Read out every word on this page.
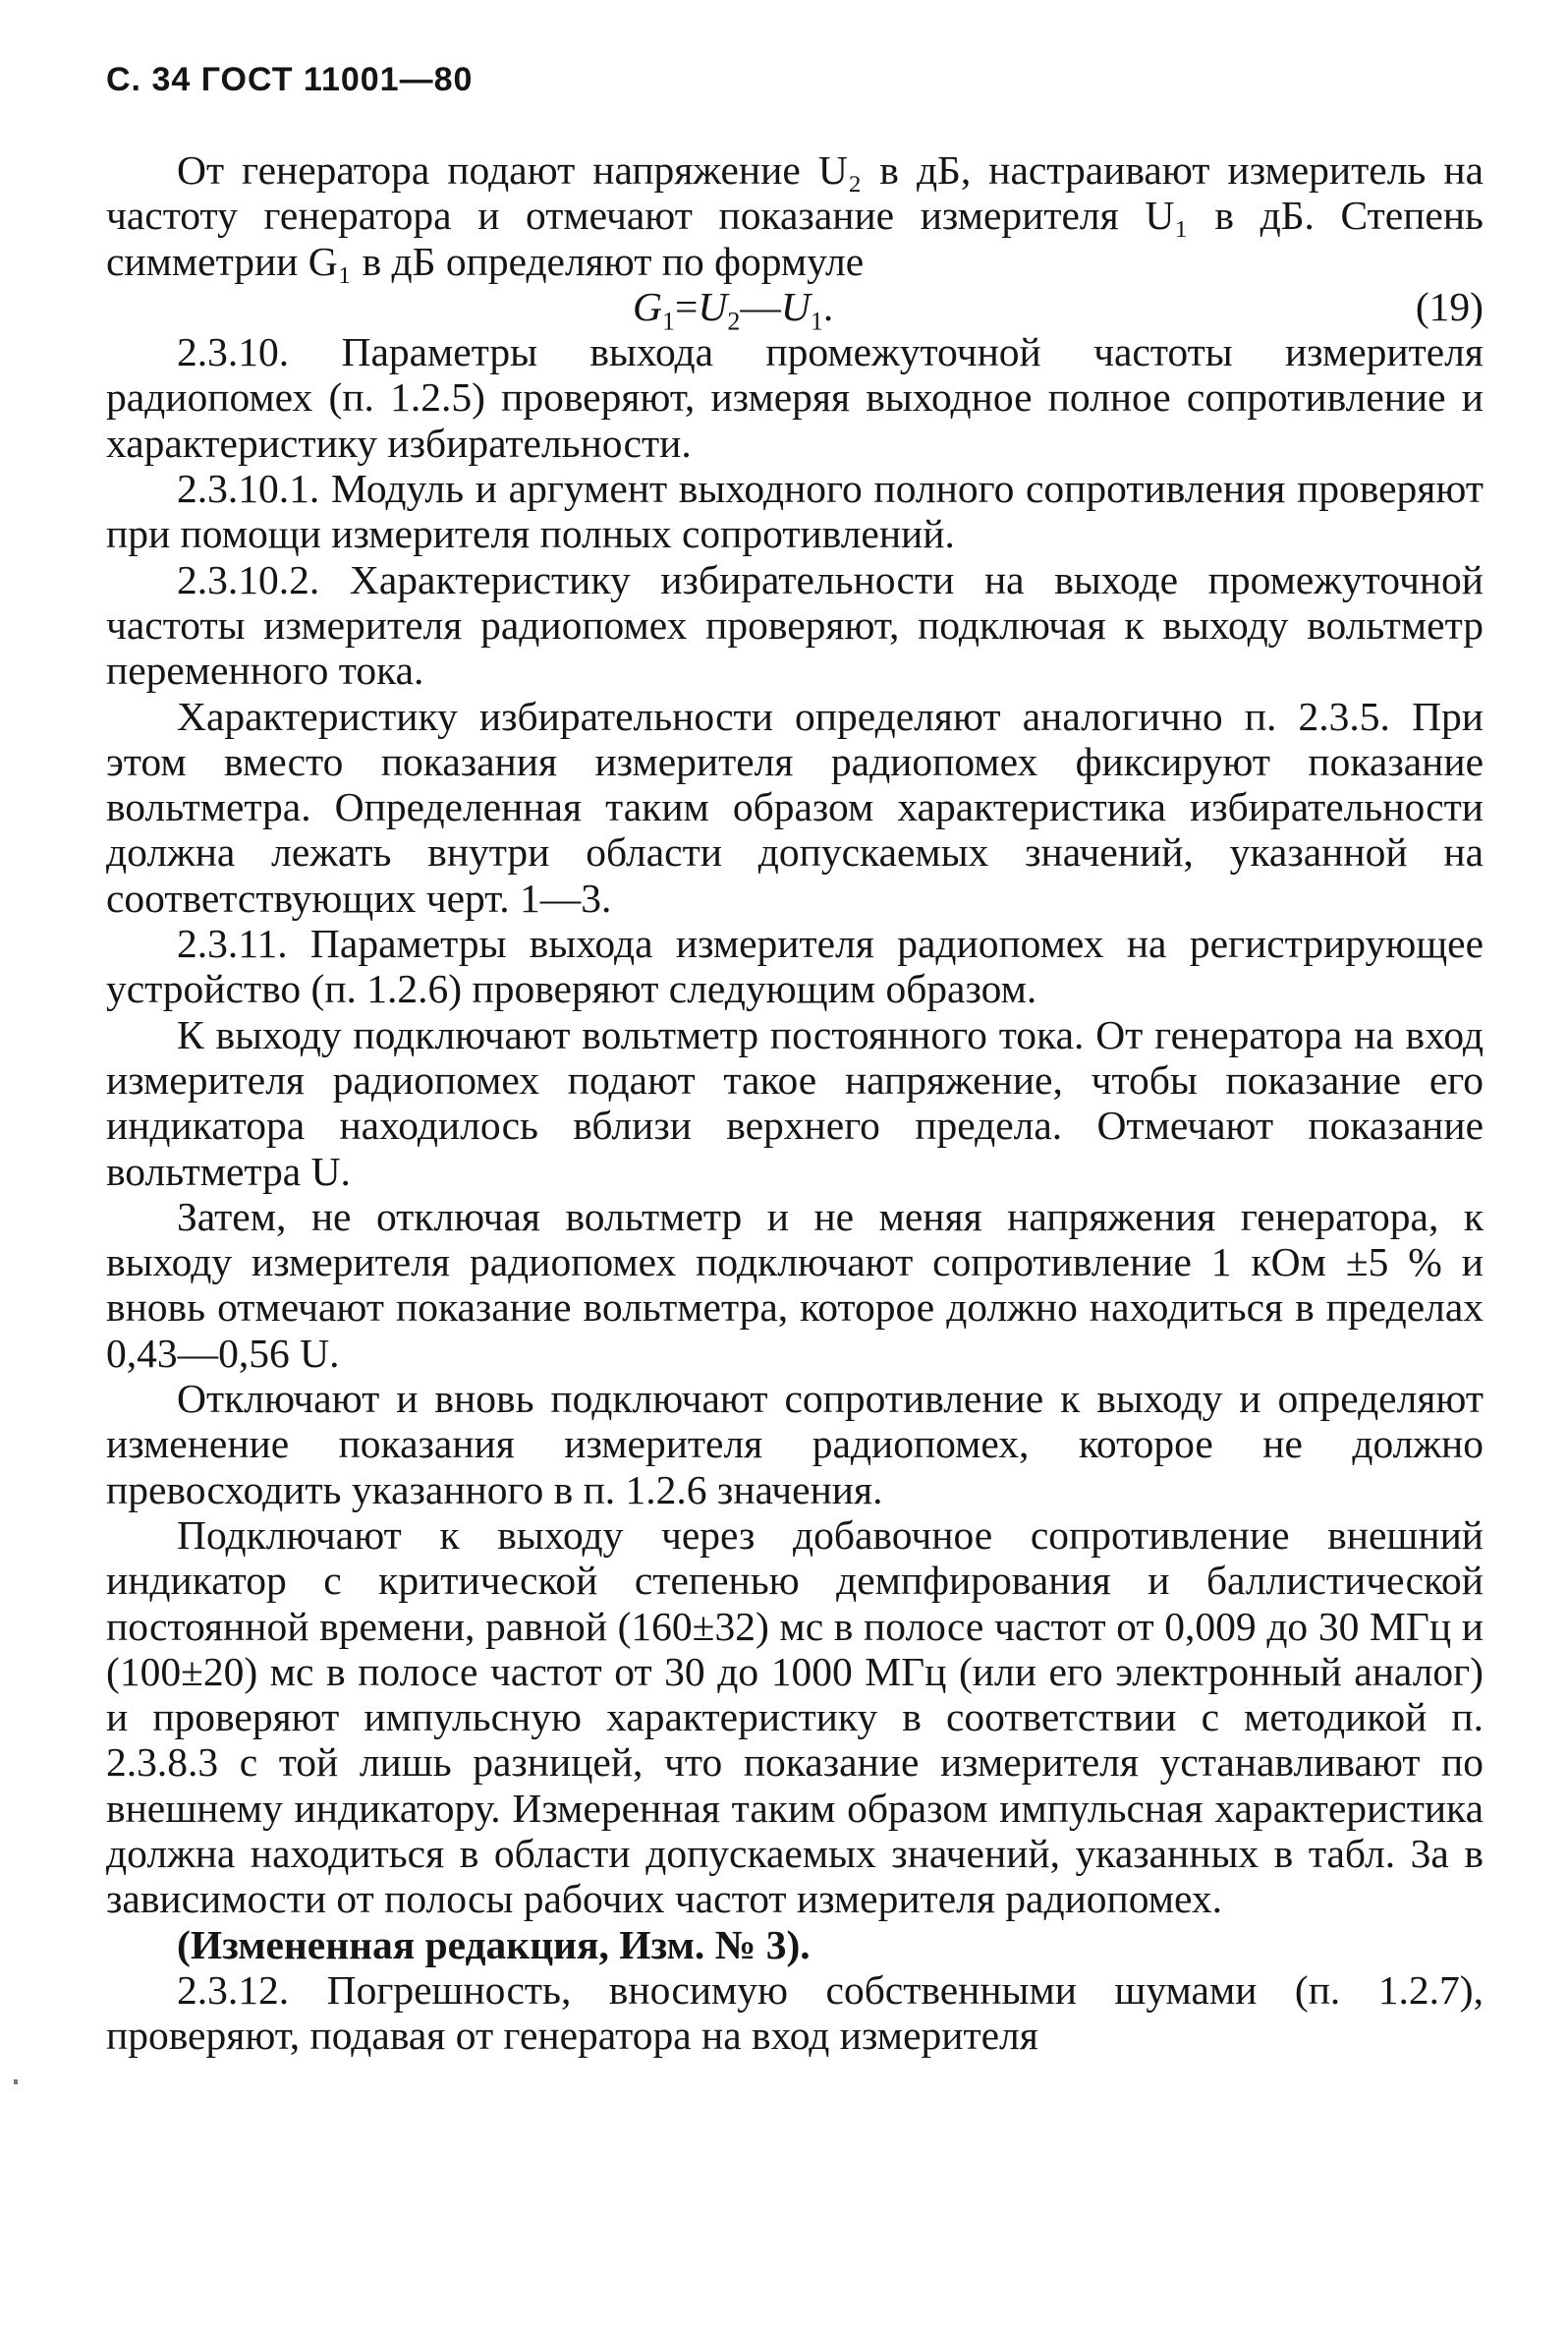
С. 34 ГОСТ 11001—80

От генератора подают напряжение U₂ в дБ, настраивают измеритель на частоту генератора и отмечают показание измерителя U₁ в дБ. Степень симметрии G₁ в дБ определяют по формуле

$G_1=U_2—U_1$.	(19)

2.3.10. Параметры выхода промежуточной частоты измерителя радиопомех (п. 1.2.5) проверяют, измеряя выходное полное сопротивление и характеристику избирательности.

2.3.10.1. Модуль и аргумент выходного полного сопротивления проверяют при помощи измерителя полных сопротивлений.

2.3.10.2. Характеристику избирательности на выходе промежуточной частоты измерителя радиопомех проверяют, подключая к выходу вольтметр переменного тока.

Характеристику избирательности определяют аналогично п. 2.3.5. При этом вместо показания измерителя радиопомех фиксируют показание вольтметра. Определенная таким образом характеристика избирательности должна лежать внутри области допускаемых значений, указанной на соответствующих черт. 1—3.

2.3.11. Параметры выхода измерителя радиопомех на регистрирующее устройство (п. 1.2.6) проверяют следующим образом.

К выходу подключают вольтметр постоянного тока. От генератора на вход измерителя радиопомех подают такое напряжение, чтобы показание его индикатора находилось вблизи верхнего предела. Отмечают показание вольтметра U.

Затем, не отключая вольтметр и не меняя напряжения генератора, к выходу измерителя радиопомех подключают сопротивление 1 кОм ±5 % и вновь отмечают показание вольтметра, которое должно находиться в пределах 0,43—0,56 U.

Отключают и вновь подключают сопротивление к выходу и определяют изменение показания измерителя радиопомех, которое не должно превосходить указанного в п. 1.2.6 значения.

Подключают к выходу через добавочное сопротивление внешний индикатор с критической степенью демпфирования и баллистической постоянной времени, равной (160±32) мс в полосе частот от 0,009 до 30 МГц и (100±20) мс в полосе частот от 30 до 1000 МГц (или его электронный аналог) и проверяют импульсную характеристику в соответствии с методикой п. 2.3.8.3 с той лишь разницей, что показание измерителя устанавливают по внешнему индикатору. Измеренная таким образом импульсная характеристика должна находиться в области допускаемых значений, указанных в табл. 3а в зависимости от полосы рабочих частот измерителя радиопомех.

(Измененная редакция, Изм. № 3).

2.3.12. Погрешность, вносимую собственными шумами (п. 1.2.7), проверяют, подавая от генератора на вход измерителя
